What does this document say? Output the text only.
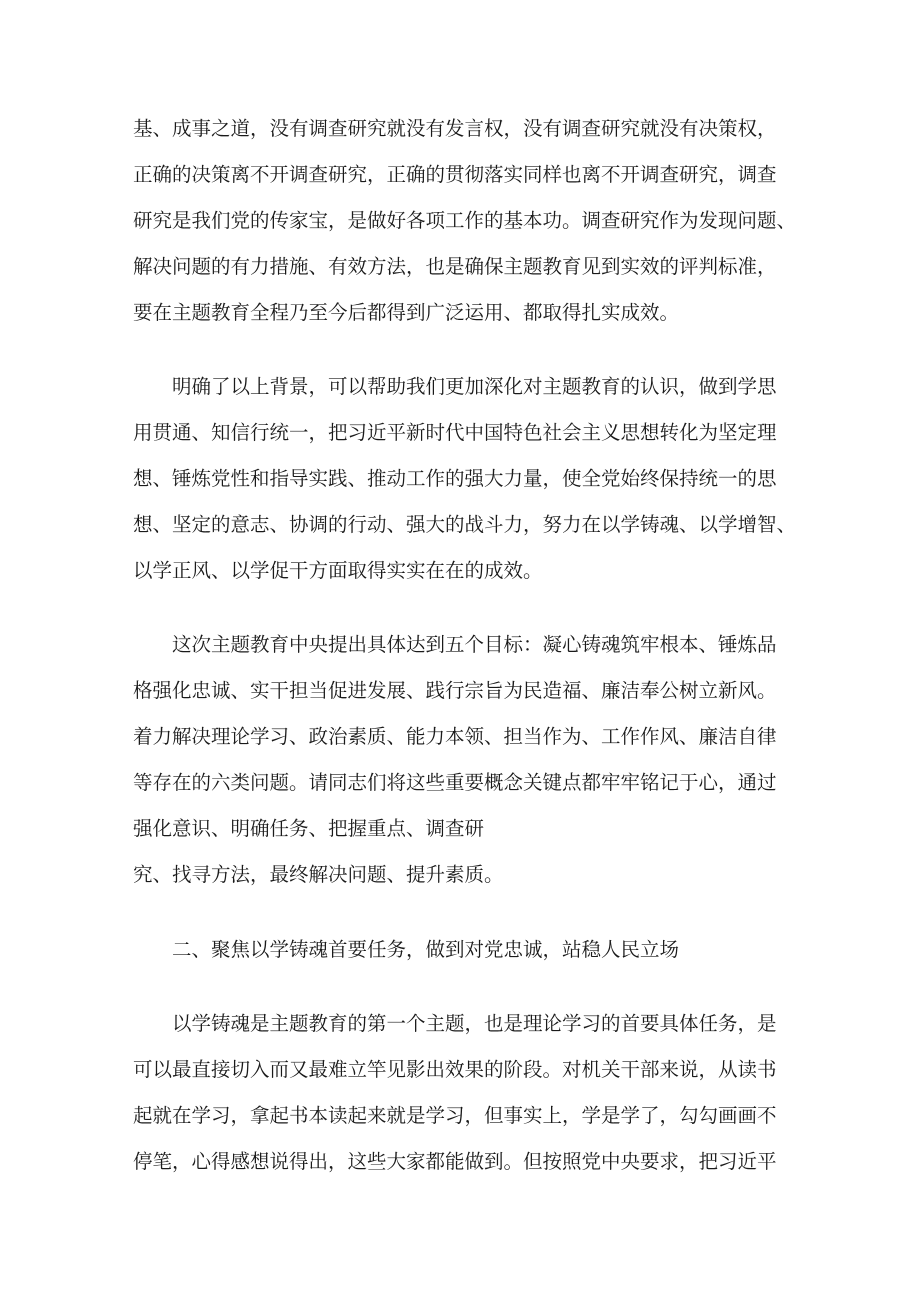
基、成事之道，没有调查研究就没有发言权，没有调查研究就没有决策权，

正确的决策离不开调查研究，正确的贯彻落实同样也离不开调查研究，调查

研究是我们党的传家宝，是做好各项工作的基本功。调查研究作为发现问题、

解决问题的有力措施、有效方法，也是确保主题教育见到实效的评判标准，

要在主题教育全程乃至今后都得到广泛运用、都取得扎实成效。

明确了以上背景，可以帮助我们更加深化对主题教育的认识，做到学思

用贯通、知信行统一，把习近平新时代中国特色社会主义思想转化为坚定理

想、锤炼党性和指导实践、推动工作的强大力量，使全党始终保持统一的思

想、坚定的意志、协调的行动、强大的战斗力，努力在以学铸魂、以学增智、

以学正风、以学促干方面取得实实在在的成效。

这次主题教育中央提出具体达到五个目标：凝心铸魂筑牢根本、锤炼品

格强化忠诚、实干担当促进发展、践行宗旨为民造福、廉洁奉公树立新风。

着力解决理论学习、政治素质、能力本领、担当作为、工作作风、廉洁自律

等存在的六类问题。请同志们将这些重要概念关键点都牢牢铭记于心，通过

强化意识、明确任务、把握重点、调查研

究、找寻方法，最终解决问题、提升素质。

二、聚焦以学铸魂首要任务，做到对党忠诚，站稳人民立场

以学铸魂是主题教育的第一个主题，也是理论学习的首要具体任务，是

可以最直接切入而又最难立竿见影出效果的阶段。对机关干部来说，从读书

起就在学习，拿起书本读起来就是学习，但事实上，学是学了，勾勾画画不

停笔，心得感想说得出，这些大家都能做到。但按照党中央要求，把习近平
